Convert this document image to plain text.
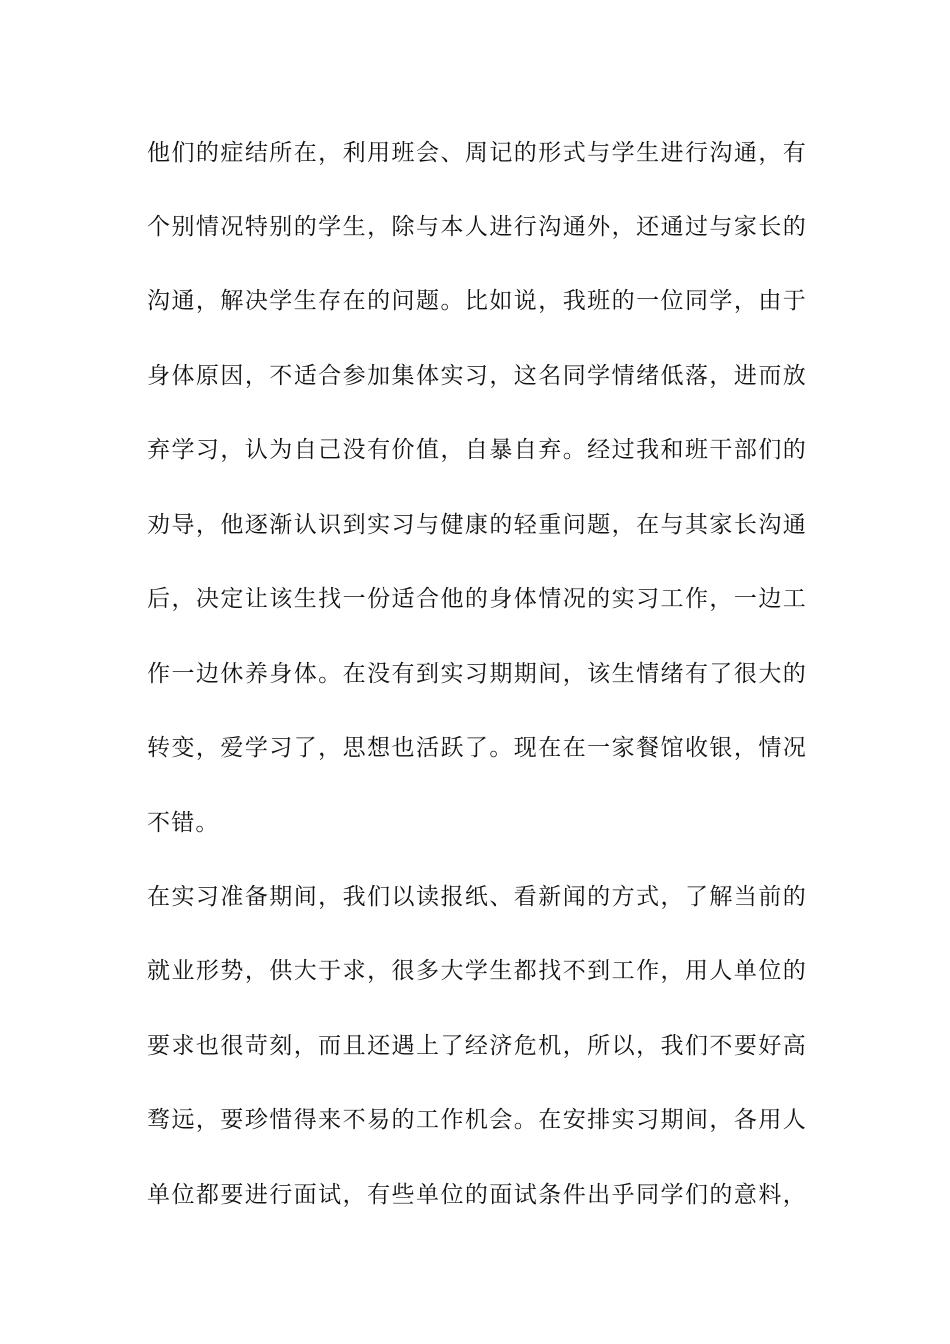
他 们 的 症 结 所 在 ， 利 用 班 会 、 周 记 的 形 式 与 学 生 进 行 沟 通 ， 有
个 别 情 况 特 别 的 学 生 ， 除 与 本 人 进 行 沟 通 外 ， 还 通 过 与 家 长 的
沟 通 ， 解 决 学 生 存 在 的 问 题 。 比 如 说 ， 我 班 的 一 位 同 学 ， 由 于
身 体 原 因 ， 不 适 合 参 加 集 体 实 习 ， 这 名 同 学 情 绪 低 落 ， 进 而 放
弃 学 习 ， 认 为 自 己 没 有 价 值 ， 自 暴 自 弃 。 经 过 我 和 班 干 部 们 的
劝 导 ， 他 逐 渐 认 识 到 实 习 与 健 康 的 轻 重 问 题 ， 在 与 其 家 长 沟 通
后 ， 决 定 让 该 生 找 一 份 适 合 他 的 身 体 情 况 的 实 习 工 作 ， 一 边 工
作 一 边 休 养 身 体 。 在 没 有 到 实 习 期 期 间 ， 该 生 情 绪 有 了 很 大 的
转 变 ， 爱 学 习 了 ， 思 想 也 活 跃 了 。 现 在 在 一 家 餐 馆 收 银 ， 情 况
不错。
在 实 习 准 备 期 间 ， 我 们 以 读 报 纸 、 看 新 闻 的 方 式 ， 了 解 当 前 的
就 业 形 势 ， 供 大 于 求 ， 很 多 大 学 生 都 找 不 到 工 作 ， 用 人 单 位 的
要 求 也 很 苛 刻 ， 而 且 还 遇 上 了 经 济 危 机 ， 所 以 ， 我 们 不 要 好 高
骛 远 ， 要 珍 惜 得 来 不 易 的 工 作 机 会 。 在 安 排 实 习 期 间 ， 各 用 人
单 位 都 要 进 行 面 试 ， 有 些 单 位 的 面 试 条 件 出 乎 同 学 们 的 意 料 ，
